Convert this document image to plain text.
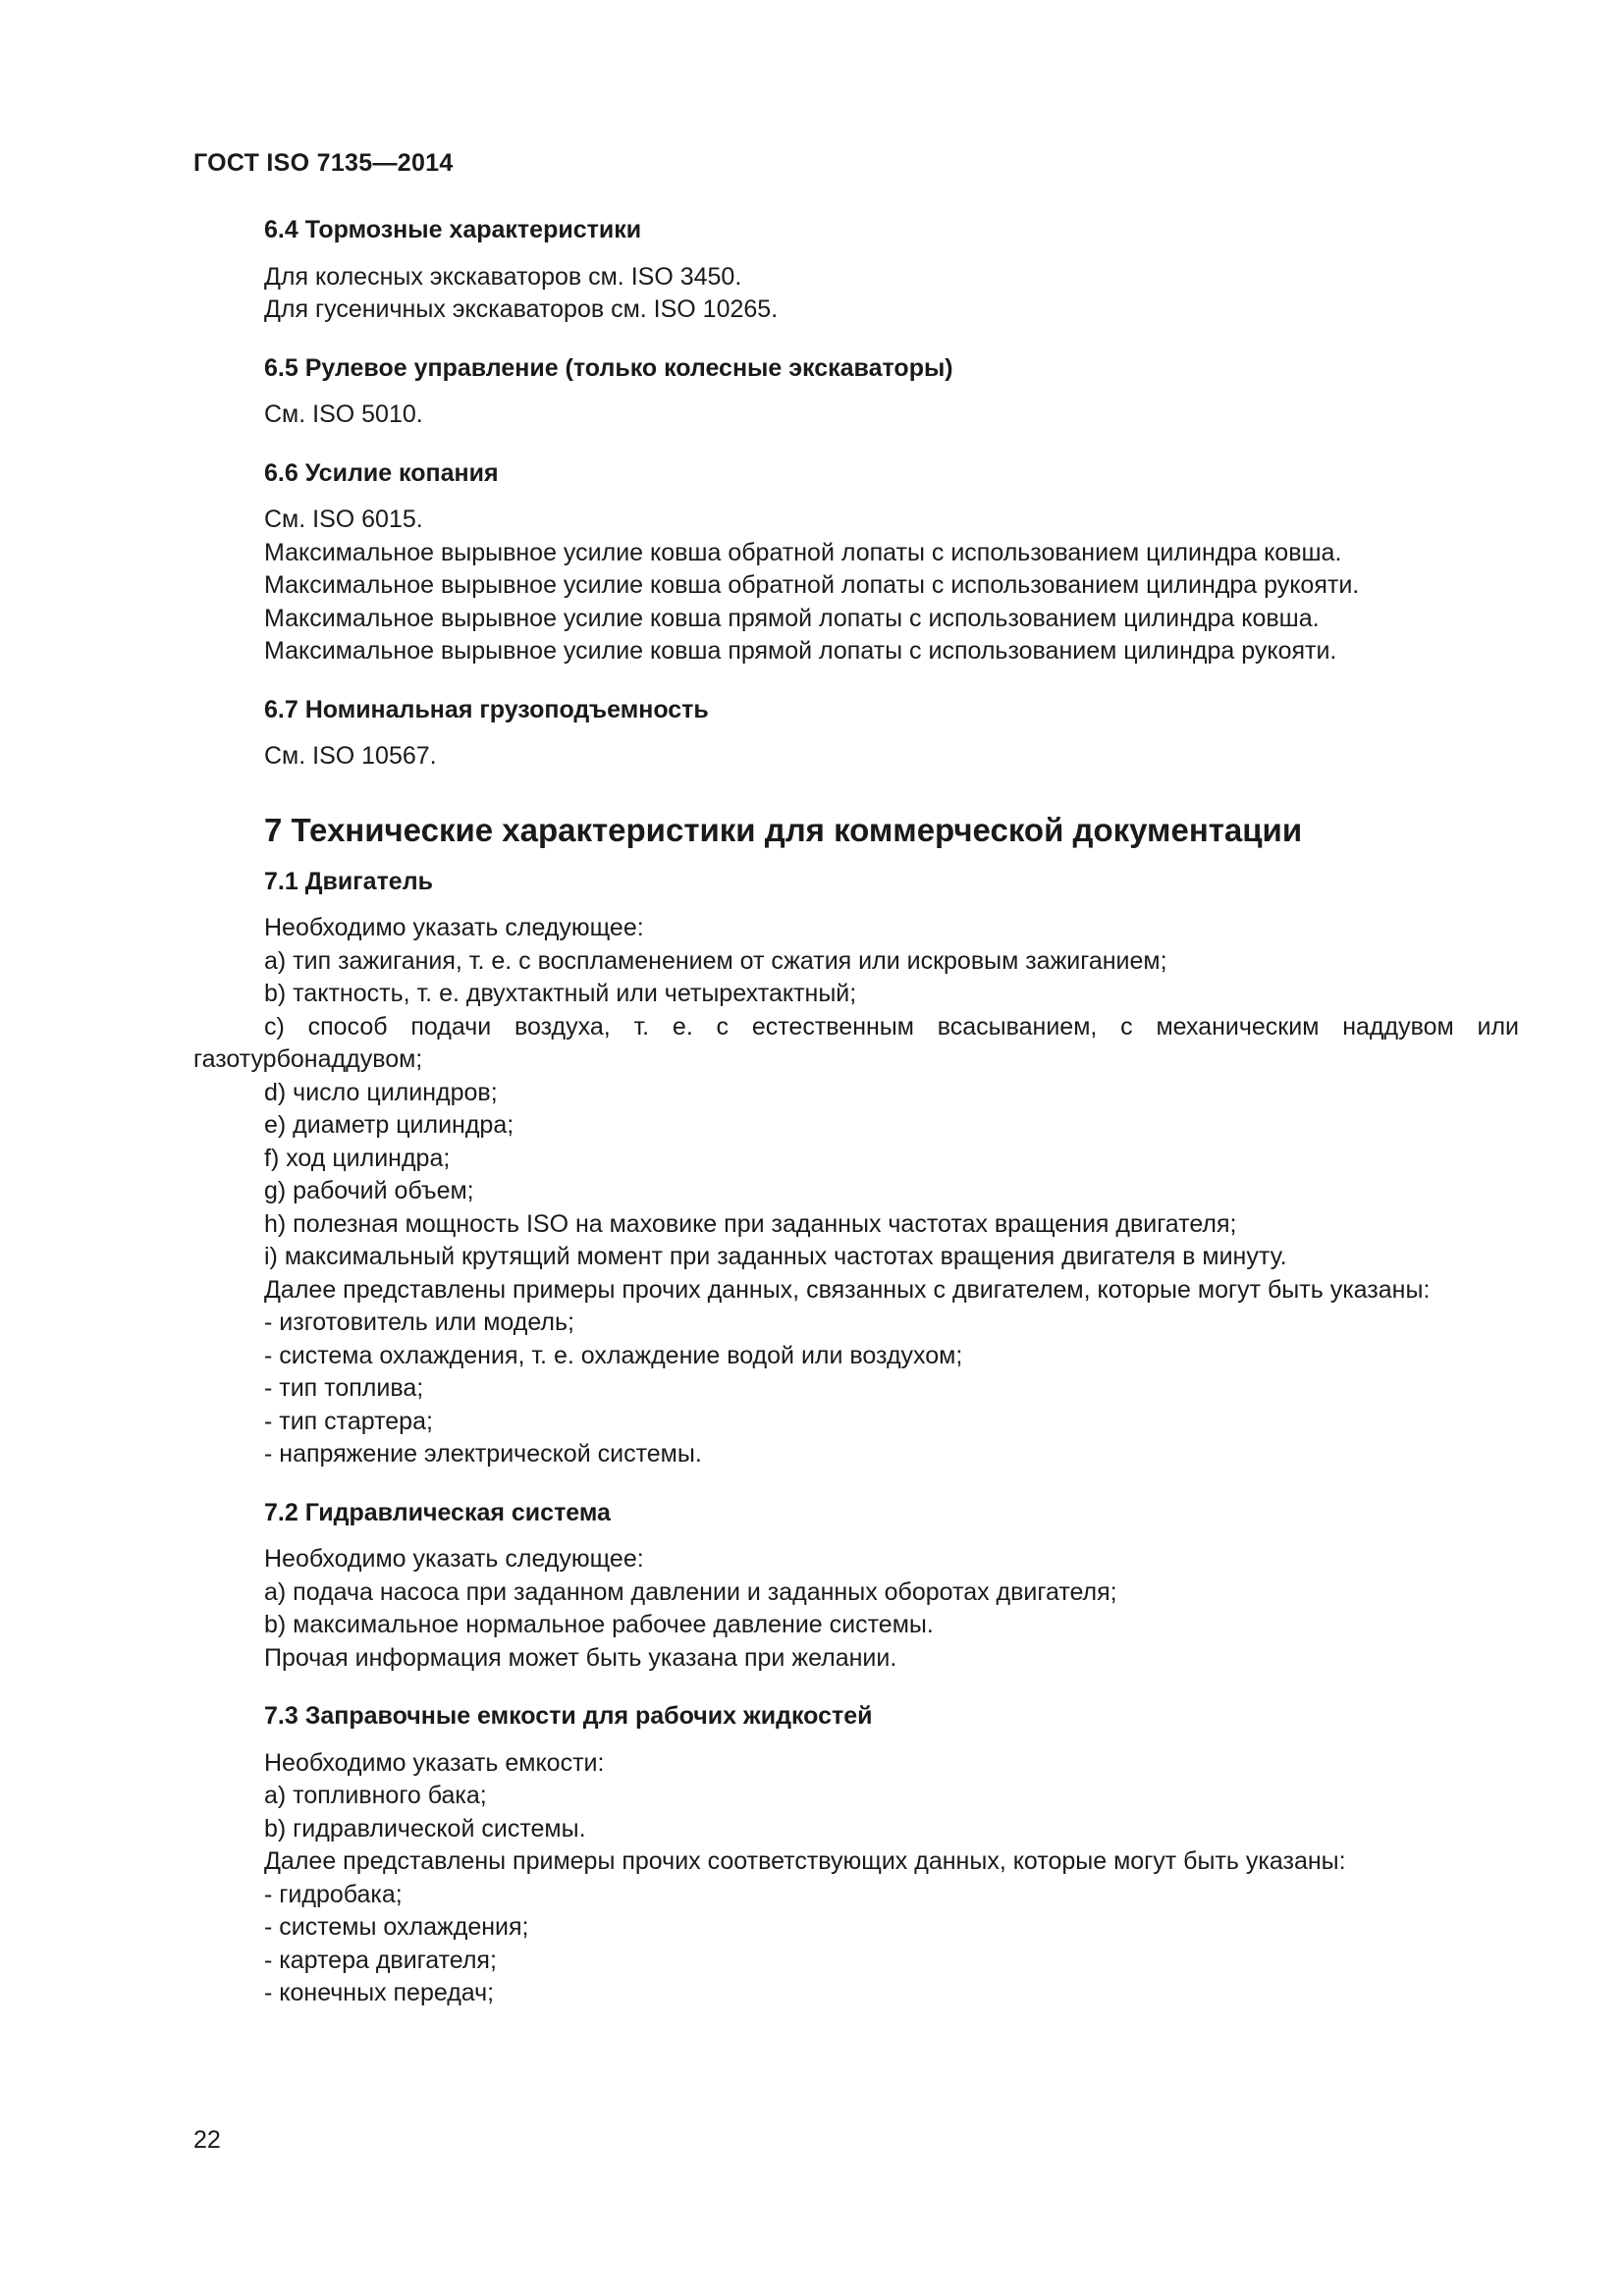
ГОСТ ISO 7135—2014
6.4 Тормозные характеристики
Для колесных экскаваторов см. ISO 3450.
Для гусеничных экскаваторов см. ISO 10265.
6.5 Рулевое управление (только колесные экскаваторы)
См. ISO 5010.
6.6 Усилие копания
См. ISO 6015.
Максимальное вырывное усилие ковша обратной лопаты с использованием цилиндра ковша.
Максимальное вырывное усилие ковша обратной лопаты с использованием цилиндра рукояти.
Максимальное вырывное усилие ковша прямой лопаты с использованием цилиндра ковша.
Максимальное вырывное усилие ковша прямой лопаты с использованием цилиндра рукояти.
6.7 Номинальная грузоподъемность
См. ISO 10567.
7 Технические характеристики для коммерческой документации
7.1 Двигатель
Необходимо указать следующее:
a) тип зажигания, т. е. с воспламенением от сжатия или искровым зажиганием;
b) тактность, т. е. двухтактный или четырехтактный;
c) способ подачи воздуха, т. е. с естественным всасыванием, с механическим наддувом или газотурбонаддувом;
d) число цилиндров;
e) диаметр цилиндра;
f) ход цилиндра;
g) рабочий объем;
h) полезная мощность ISO на маховике при заданных частотах вращения двигателя;
i) максимальный крутящий момент при заданных частотах вращения двигателя в минуту.
Далее представлены примеры прочих данных, связанных с двигателем, которые могут быть указаны:
- изготовитель или модель;
- система охлаждения, т. е. охлаждение водой или воздухом;
- тип топлива;
- тип стартера;
- напряжение электрической системы.
7.2 Гидравлическая система
Необходимо указать следующее:
a) подача насоса при заданном давлении и заданных оборотах двигателя;
b) максимальное нормальное рабочее давление системы.
Прочая информация может быть указана при желании.
7.3 Заправочные емкости для рабочих жидкостей
Необходимо указать емкости:
a) топливного бака;
b) гидравлической системы.
Далее представлены примеры прочих соответствующих данных, которые могут быть указаны:
- гидробака;
- системы охлаждения;
- картера двигателя;
- конечных передач;
22
